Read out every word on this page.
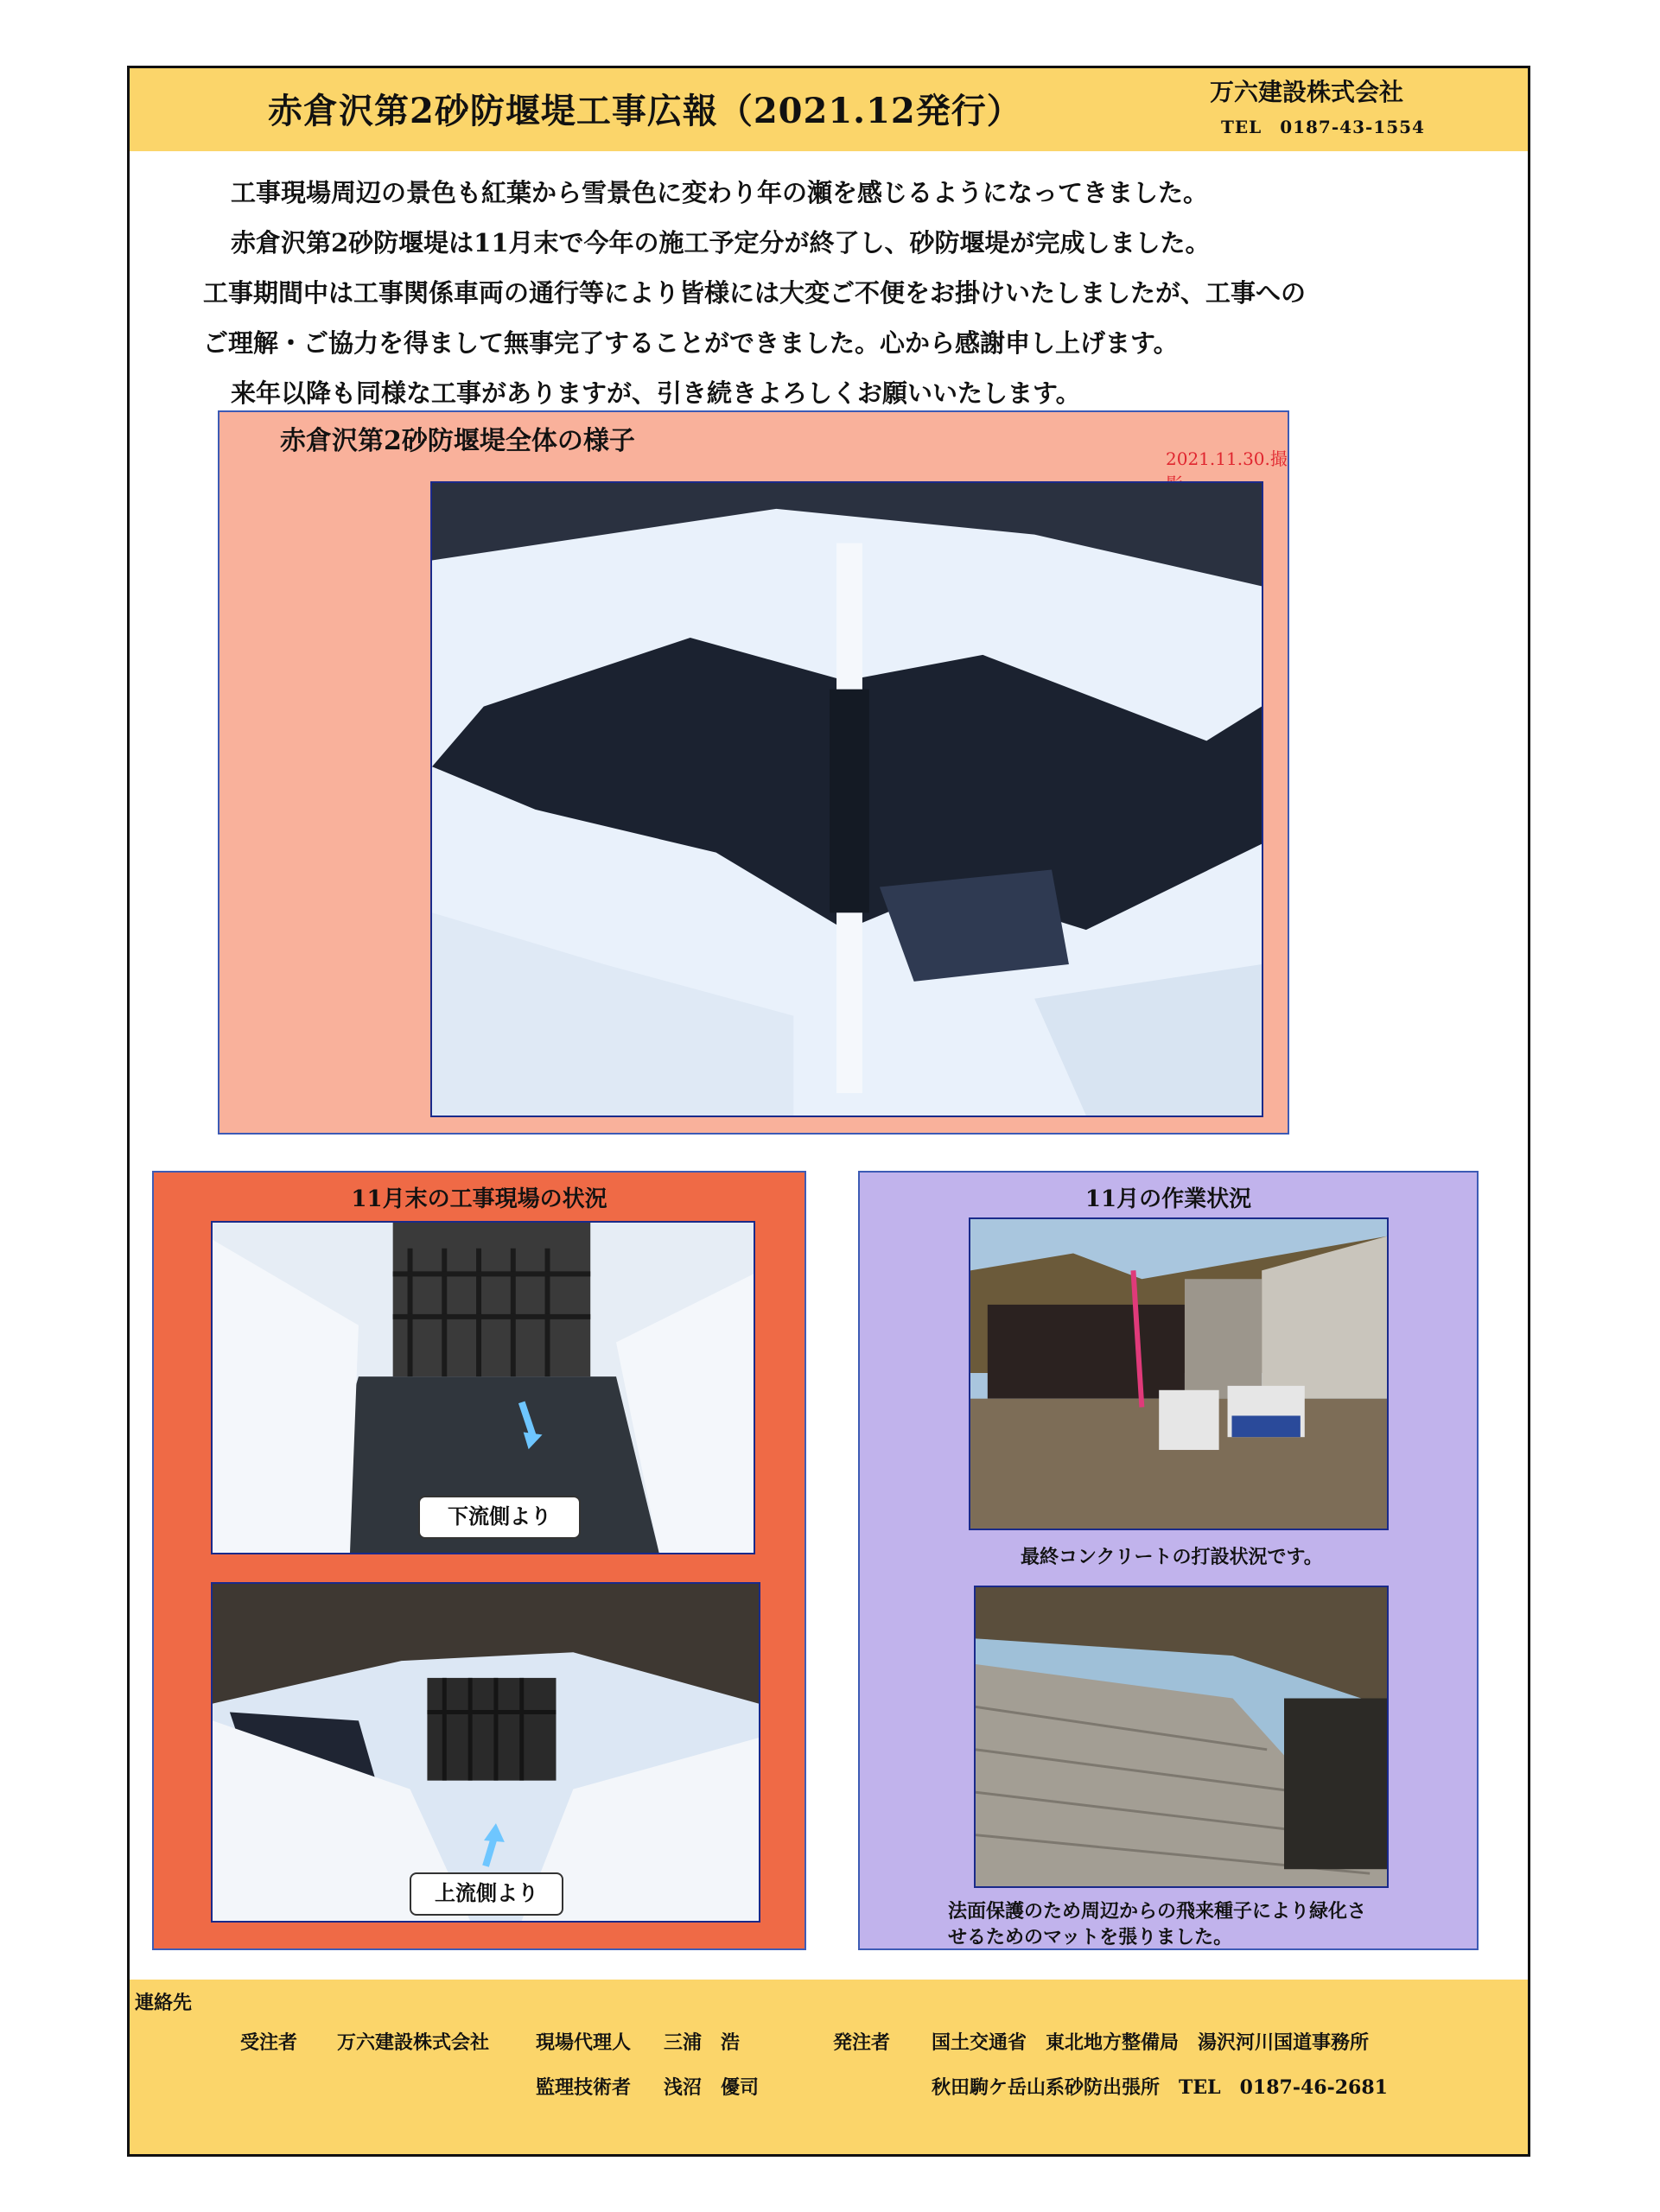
赤倉沢第2砂防堰堤工事広報（2021.12発行）	万六建設株式会社
TEL　0187-43-1554

工事現場周辺の景色も紅葉から雪景色に変わり年の瀬を感じるようになってきました。

赤倉沢第2砂防堰堤は11月末で今年の施工予定分が終了し、砂防堰堤が完成しました。

工事期間中は工事関係車両の通行等により皆様には大変ご不便をお掛けいたしましたが、工事への

ご理解・ご協力を得まして無事完了することができました。心から感謝申し上げます。

来年以降も同様な工事がありますが、引き続きよろしくお願いいたします。

赤倉沢第2砂防堰堤全体の様子
2021.11.30.撮
11月末の工事現場の状況
下流側より
上流側より
11月の作業状況
最終コンクリートの打設状況です。
法面保護のため周辺からの飛来種子により緑化さ
せるためのマットを張りました。
連絡先
受注者 万六建設株式会社 現場代理人 三浦　浩
監理技術者 浅沼　優司
発注者 国土交通省　東北地方整備局　湯沢河川国道事務所
秋田駒ケ岳山系砂防出張所　TEL　0187-46-2681
